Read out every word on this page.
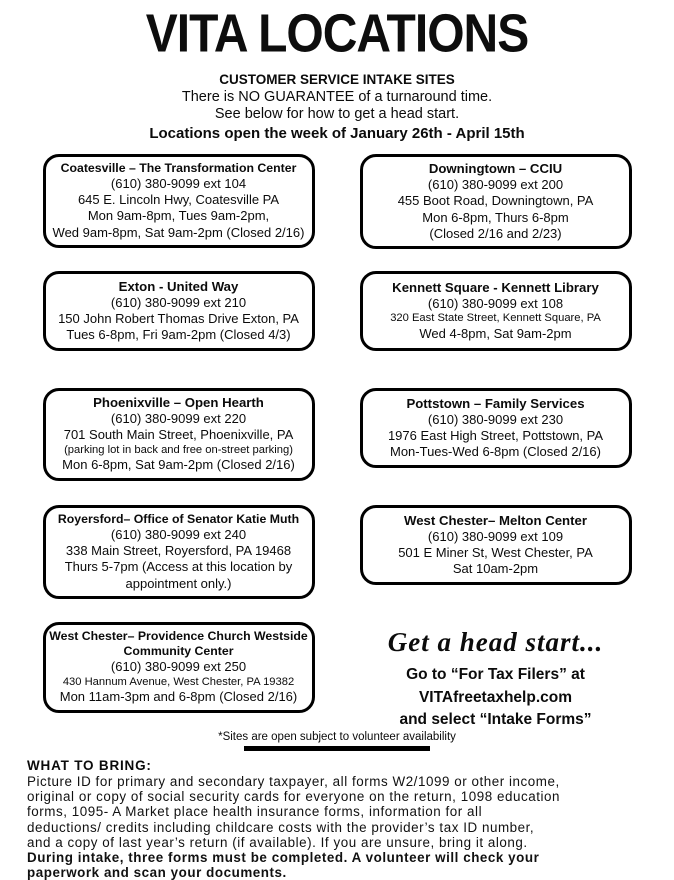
VITA LOCATIONS
CUSTOMER SERVICE INTAKE SITES
There is NO GUARANTEE of a turnaround time.
See below for how to get a head start.
Locations open the week of January 26th - April 15th
Coatesville – The Transformation Center
(610) 380-9099 ext 104
645 E. Lincoln Hwy, Coatesville PA
Mon 9am-8pm, Tues 9am-2pm,
Wed 9am-8pm, Sat 9am-2pm (Closed 2/16)
Downingtown – CCIU
(610) 380-9099 ext 200
455 Boot Road, Downingtown, PA
Mon 6-8pm, Thurs 6-8pm
(Closed 2/16 and 2/23)
Exton - United Way
(610) 380-9099 ext 210
150 John Robert Thomas Drive Exton, PA
Tues 6-8pm, Fri 9am-2pm (Closed 4/3)
Kennett Square - Kennett Library
(610) 380-9099 ext 108
320 East State Street, Kennett Square, PA
Wed 4-8pm, Sat 9am-2pm
Phoenixville – Open Hearth
(610) 380-9099 ext 220
701 South Main Street, Phoenixville, PA
(parking lot in back and free on-street parking)
Mon 6-8pm, Sat 9am-2pm (Closed 2/16)
Pottstown – Family Services
(610) 380-9099 ext 230
1976 East High Street, Pottstown, PA
Mon-Tues-Wed 6-8pm (Closed 2/16)
Royersford– Office of Senator Katie Muth
(610) 380-9099 ext 240
338 Main Street, Royersford, PA 19468
Thurs 5-7pm (Access at this location by
appointment only.)
West Chester– Melton Center
(610) 380-9099 ext 109
501 E Miner St, West Chester, PA
Sat 10am-2pm
West Chester– Providence Church Westside Community Center
(610) 380-9099 ext 250
430 Hannum Avenue, West Chester, PA 19382
Mon 11am-3pm and 6-8pm (Closed 2/16)
Get a head start...
Go to “For Tax Filers” at
VITAfreetaxhelp.com
and select “Intake Forms”
*Sites are open subject to volunteer availability
WHAT TO BRING:
Picture ID for primary and secondary taxpayer, all forms W2/1099 or other income,
original or copy of social security cards for everyone on the return, 1098 education
forms, 1095- A Market place health insurance forms, information for all
deductions/ credits including childcare costs with the provider’s tax ID number,
and a copy of last year’s return (if available). If you are unsure, bring it along.
During intake, three forms must be completed. A volunteer will check your
paperwork and scan your documents.
